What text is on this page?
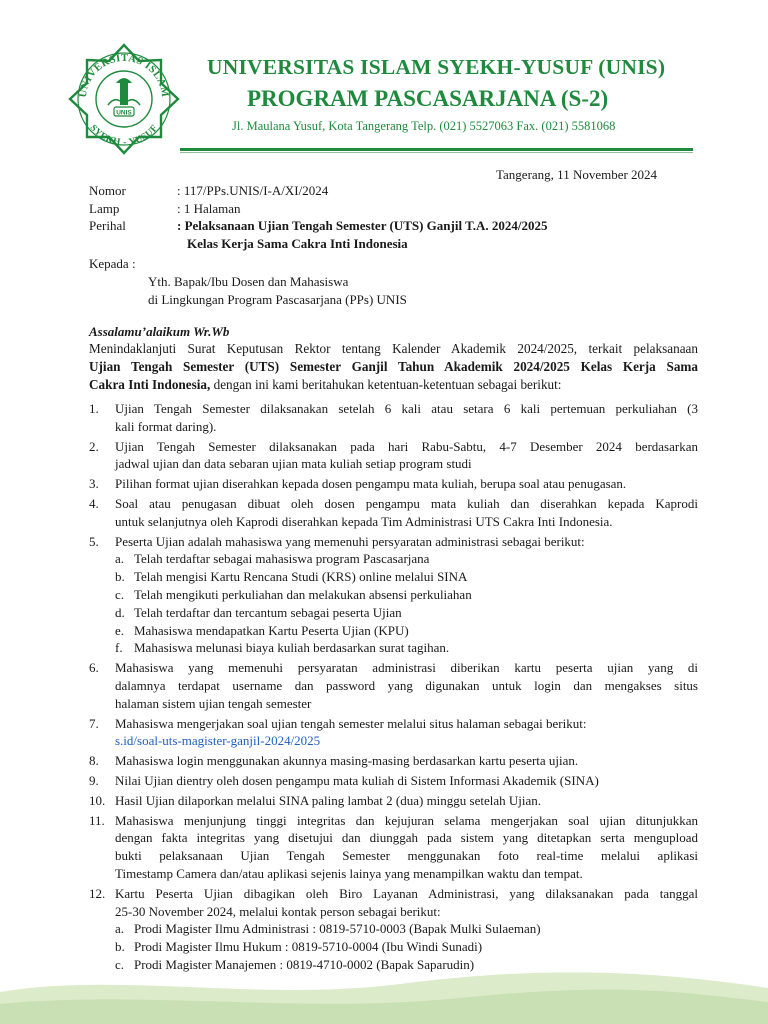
UNIVERSITAS ISLAM
SYEKH - YUSUF
UNIS
UNIVERSITAS ISLAM SYEKH-YUSUF (UNIS)
PROGRAM PASCASARJANA (S-2)
Jl. Maulana Yusuf, Kota Tangerang Telp. (021) 5527063 Fax. (021) 5581068
Tangerang, 11 November 2024
Nomor	: 117/PPs.UNIS/I-A/XI/2024
Lamp	: 1 Halaman
Perihal	: Pelaksanaan Ujian Tengah Semester (UTS) Ganjil T.A. 2024/2025
Kelas Kerja Sama Cakra Inti Indonesia
Kepada :
Yth. Bapak/Ibu Dosen dan Mahasiswa
di Lingkungan Program Pascasarjana (PPs) UNIS
Assalamu’alaikum Wr.Wb
Menindaklanjuti Surat Keputusan Rektor tentang Kalender Akademik 2024/2025, terkait pelaksanaan
Ujian Tengah Semester (UTS) Semester Ganjil Tahun Akademik 2024/2025 Kelas Kerja Sama
Cakra Inti Indonesia, dengan ini kami beritahukan ketentuan-ketentuan sebagai berikut:
1. Ujian Tengah Semester dilaksanakan setelah 6 kali atau setara 6 kali pertemuan perkuliahan (3
kali format daring).
2. Ujian Tengah Semester dilaksanakan pada hari Rabu-Sabtu, 4-7 Desember 2024 berdasarkan
jadwal ujian dan data sebaran ujian mata kuliah setiap program studi
3. Pilihan format ujian diserahkan kepada dosen pengampu mata kuliah, berupa soal atau penugasan.
4. Soal atau penugasan dibuat oleh dosen pengampu mata kuliah dan diserahkan kepada Kaprodi
untuk selanjutnya oleh Kaprodi diserahkan kepada Tim Administrasi UTS Cakra Inti Indonesia.
5. Peserta Ujian adalah mahasiswa yang memenuhi persyaratan administrasi sebagai berikut:
a. Telah terdaftar sebagai mahasiswa program Pascasarjana
b. Telah mengisi Kartu Rencana Studi (KRS) online melalui SINA
c. Telah mengikuti perkuliahan dan melakukan absensi perkuliahan
d. Telah terdaftar dan tercantum sebagai peserta Ujian
e. Mahasiswa mendapatkan Kartu Peserta Ujian (KPU)
f. Mahasiswa melunasi biaya kuliah berdasarkan surat tagihan.
6. Mahasiswa yang memenuhi persyaratan administrasi diberikan kartu peserta ujian yang di
dalamnya terdapat username dan password yang digunakan untuk login dan mengakses situs
halaman sistem ujian tengah semester
7. Mahasiswa mengerjakan soal ujian tengah semester melalui situs halaman sebagai berikut:
s.id/soal-uts-magister-ganjil-2024/2025
8. Mahasiswa login menggunakan akunnya masing-masing berdasarkan kartu peserta ujian.
9. Nilai Ujian dientry oleh dosen pengampu mata kuliah di Sistem Informasi Akademik (SINA)
10. Hasil Ujian dilaporkan melalui SINA paling lambat 2 (dua) minggu setelah Ujian.
11. Mahasiswa menjunjung tinggi integritas dan kejujuran selama mengerjakan soal ujian ditunjukkan
dengan fakta integritas yang disetujui dan diunggah pada sistem yang ditetapkan serta mengupload
bukti pelaksanaan Ujian Tengah Semester menggunakan foto real-time melalui aplikasi
Timestamp Camera dan/atau aplikasi sejenis lainya yang menampilkan waktu dan tempat.
12. Kartu Peserta Ujian dibagikan oleh Biro Layanan Administrasi, yang dilaksanakan pada tanggal
25-30 November 2024, melalui kontak person sebagai berikut:
a. Prodi Magister Ilmu Administrasi : 0819-5710-0003 (Bapak Mulki Sulaeman)
b. Prodi Magister Ilmu Hukum : 0819-5710-0004 (Ibu Windi Sunadi)
c. Prodi Magister Manajemen : 0819-4710-0002 (Bapak Saparudin)
